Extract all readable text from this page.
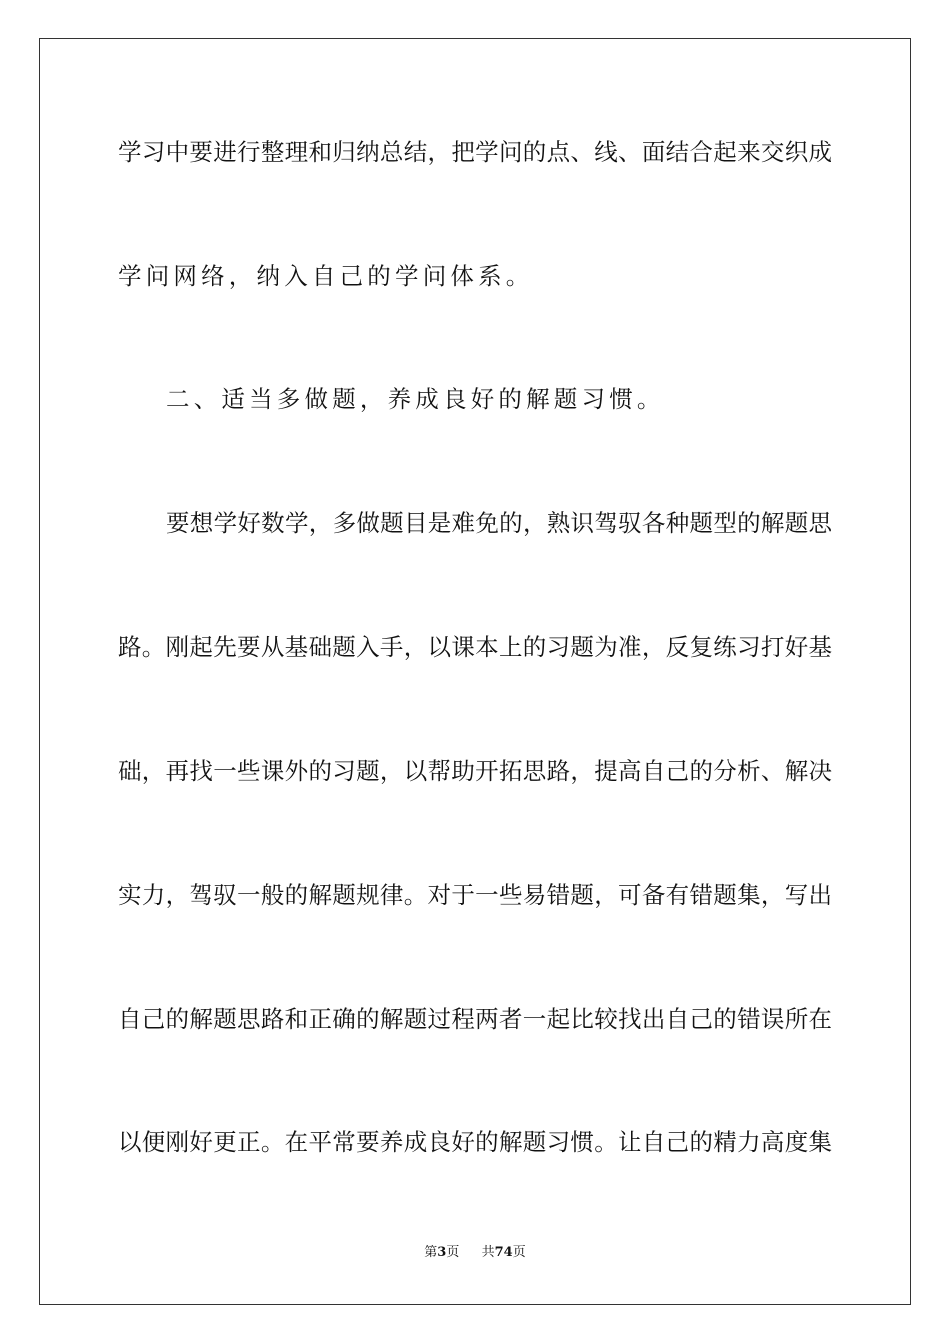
学习中要进行整理和归纳总结，把学问的点、线、面结合起来交织成
学问网络，纳入自己的学问体系。
二、适当多做题，养成良好的解题习惯。
要想学好数学，多做题目是难免的，熟识驾驭各种题型的解题思
路。刚起先要从基础题入手，以课本上的习题为准，反复练习打好基
础，再找一些课外的习题，以帮助开拓思路，提高自己的分析、解决
实力，驾驭一般的解题规律。对于一些易错题，可备有错题集，写出
自己的解题思路和正确的解题过程两者一起比较找出自己的错误所在
以便刚好更正。在平常要养成良好的解题习惯。让自己的精力高度集
第3页 共74页
